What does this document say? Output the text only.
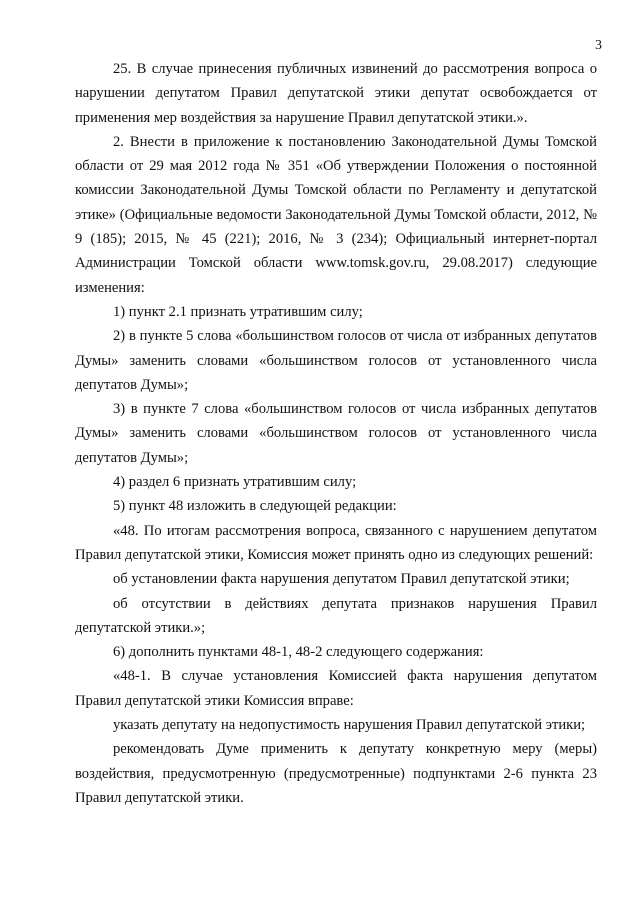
3

25. В случае принесения публичных извинений до рассмотрения вопроса о нарушении депутатом Правил депутатской этики депутат освобождается от применения мер воздействия за нарушение Правил депутатской этики.».

2. Внести в приложение к постановлению Законодательной Думы Томской области от 29 мая 2012 года № 351 «Об утверждении Положения о постоянной комиссии Законодательной Думы Томской области по Регламенту и депутатской этике» (Официальные ведомости Законодательной Думы Томской области, 2012, № 9 (185); 2015, № 45 (221); 2016, № 3 (234); Официальный интернет-портал Администрации Томской области www.tomsk.gov.ru, 29.08.2017) следующие изменения:

1) пункт 2.1 признать утратившим силу;

2) в пункте 5 слова «большинством голосов от числа от избранных депутатов Думы» заменить словами «большинством голосов от установленного числа депутатов Думы»;

3) в пункте 7 слова «большинством голосов от числа избранных депутатов Думы» заменить словами «большинством голосов от установленного числа депутатов Думы»;

4) раздел 6 признать утратившим силу;

5) пункт 48 изложить в следующей редакции:

«48. По итогам рассмотрения вопроса, связанного с нарушением депутатом Правил депутатской этики, Комиссия может принять одно из следующих решений:

об установлении факта нарушения депутатом Правил депутатской этики;

об отсутствии в действиях депутата признаков нарушения Правил депутатской этики.»;

6) дополнить пунктами 48-1, 48-2 следующего содержания:

«48-1. В случае установления Комиссией факта нарушения депутатом Правил депутатской этики Комиссия вправе:

указать депутату на недопустимость нарушения Правил депутатской этики;

рекомендовать Думе применить к депутату конкретную меру (меры) воздействия, предусмотренную (предусмотренные) подпунктами 2-6 пункта 23 Правил депутатской этики.
